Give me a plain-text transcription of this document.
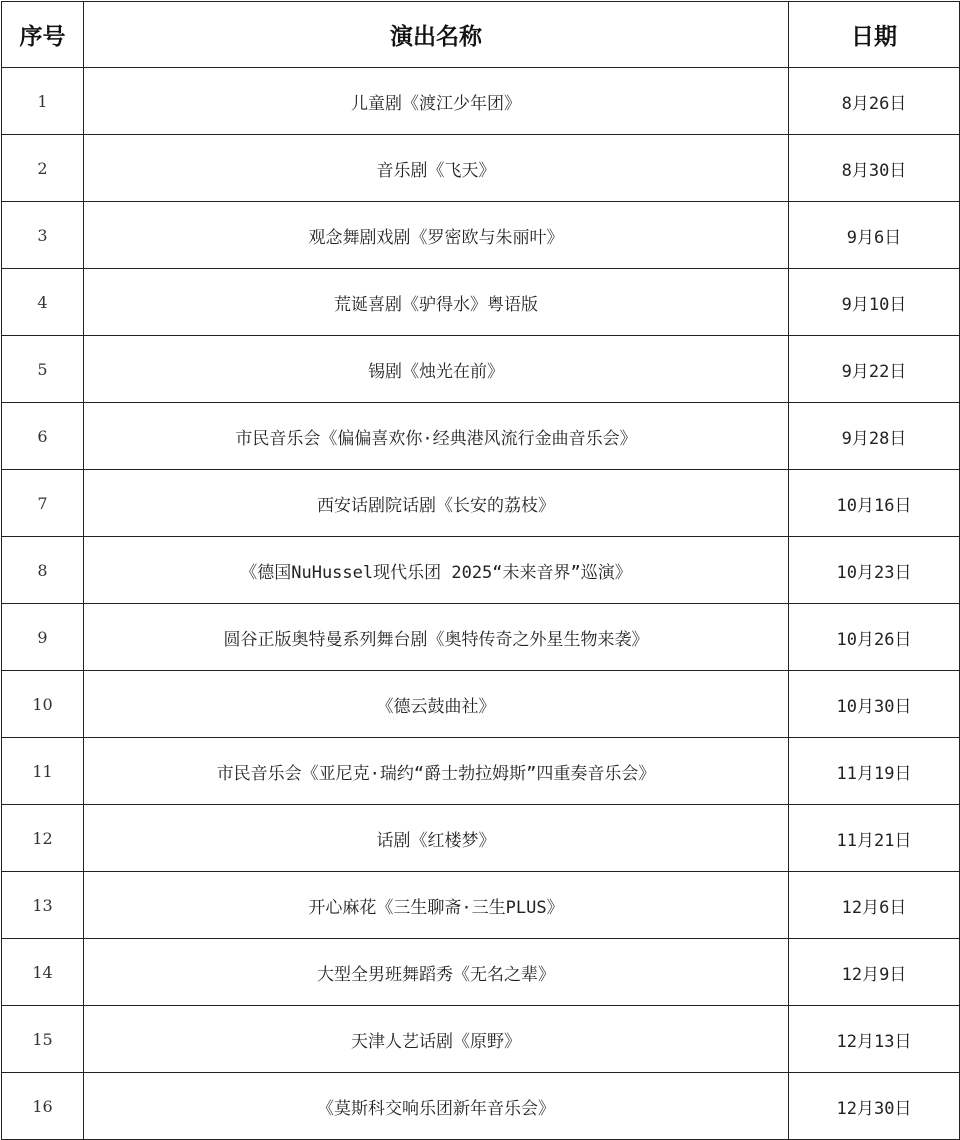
序号	演出名称	日期
1	儿童剧《渡江少年团》	8月26日
2	音乐剧《飞天》	8月30日
3	观念舞剧戏剧《罗密欧与朱丽叶》	9月6日
4	荒诞喜剧《驴得水》粤语版	9月10日
5	锡剧《烛光在前》	9月22日
6	市民音乐会《偏偏喜欢你·经典港风流行金曲音乐会》	9月28日
7	西安话剧院话剧《长安的荔枝》	10月16日
8	《德国NuHussel现代乐团 2025“未来音界”巡演》	10月23日
9	圆谷正版奥特曼系列舞台剧《奥特传奇之外星生物来袭》	10月26日
10	《德云鼓曲社》	10月30日
11	市民音乐会《亚尼克·瑞约“爵士勃拉姆斯”四重奏音乐会》	11月19日
12	话剧《红楼梦》	11月21日
13	开心麻花《三生聊斋·三生PLUS》	12月6日
14	大型全男班舞蹈秀《无名之辈》	12月9日
15	天津人艺话剧《原野》	12月13日
16	《莫斯科交响乐团新年音乐会》	12月30日
